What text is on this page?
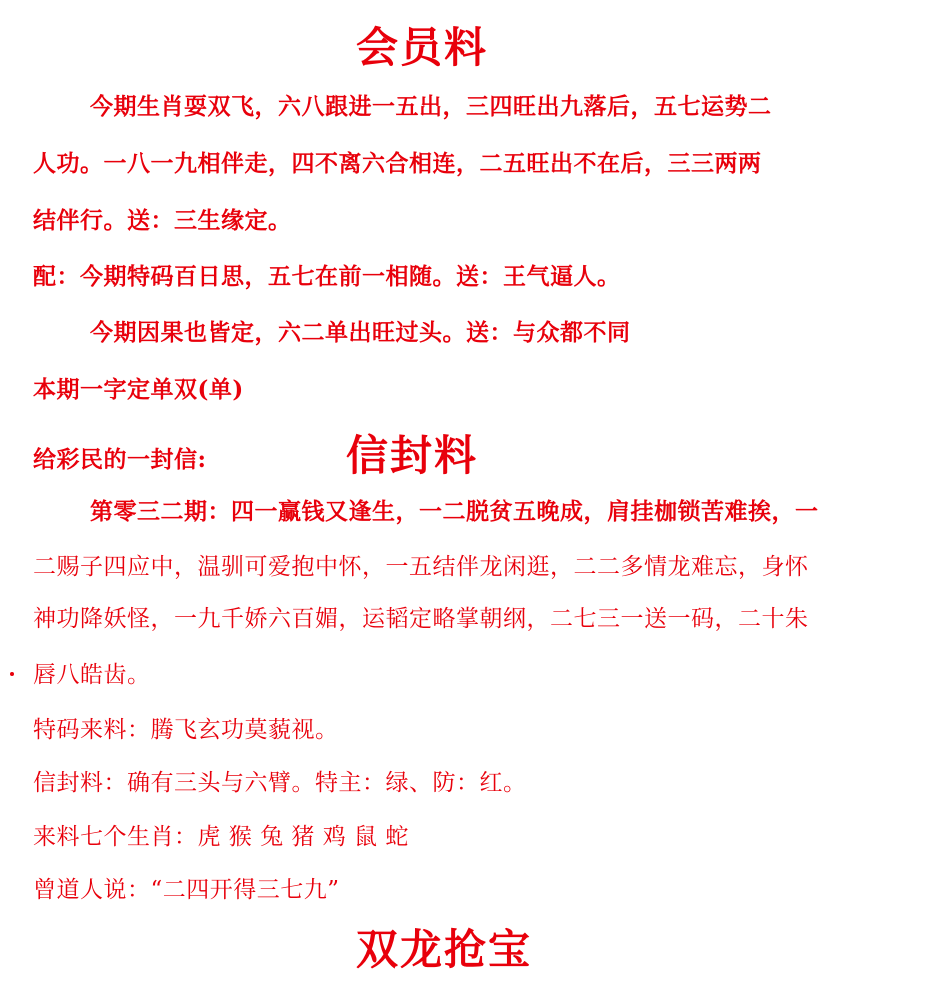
会员料
今期生肖耍双飞，六八跟进一五出，三四旺出九落后，五七运势二
人功。一八一九相伴走，四不离六合相连，二五旺出不在后，三三两两
结伴行。送：三生缘定。
配：今期特码百日思，五七在前一相随。送：王气逼人。
今期因果也皆定，六二单出旺过头。送：与众都不同
本期一字定单双(单)
给彩民的一封信:	信封料
第零三二期：四一赢钱又逢生，一二脱贫五晚成，肩挂枷锁苦难挨，一
二赐子四应中，温驯可爱抱中怀，一五结伴龙闲逛，二二多情龙难忘，身怀
神功降妖怪，一九千娇六百媚，运韬定略掌朝纲，二七三一送一码，二十朱
唇八皓齿。
特码来料：腾飞玄功莫藐视。
信封料：确有三头与六臂。特主：绿、防：红。
来料七个生肖：虎 猴 兔 猪 鸡 鼠 蛇
曾道人说：“二四开得三七九”
双龙抢宝
